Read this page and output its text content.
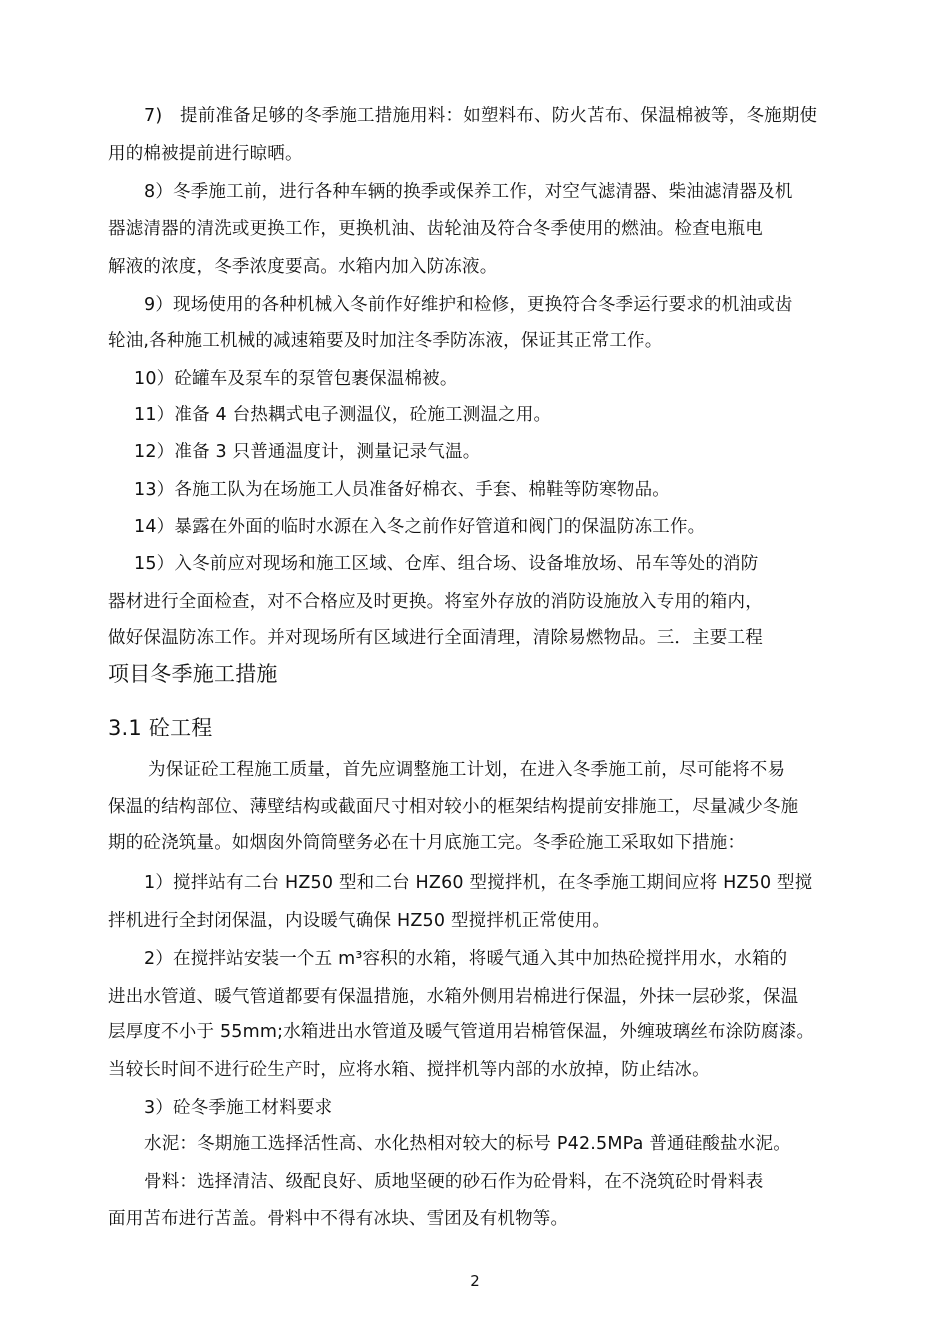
7)　提前准备足够的冬季施工措施用料：如塑料布、防火苫布、保温棉被等，冬施期使
用的棉被提前进行晾晒。
8）冬季施工前，进行各种车辆的换季或保养工作，对空气滤清器、柴油滤清器及机
器滤清器的清洗或更换工作，更换机油、齿轮油及符合冬季使用的燃油。检查电瓶电
解液的浓度，冬季浓度要高。水箱内加入防冻液。
9）现场使用的各种机械入冬前作好维护和检修，更换符合冬季运行要求的机油或齿
轮油,各种施工机械的减速箱要及时加注冬季防冻液，保证其正常工作。
10）砼罐车及泵车的泵管包裹保温棉被。
11）准备 4 台热耦式电子测温仪，砼施工测温之用。
12）准备 3 只普通温度计，测量记录气温。
13）各施工队为在场施工人员准备好棉衣、手套、棉鞋等防寒物品。
14）暴露在外面的临时水源在入冬之前作好管道和阀门的保温防冻工作。
15）入冬前应对现场和施工区域、仓库、组合场、设备堆放场、吊车等处的消防
器材进行全面检查，对不合格应及时更换。将室外存放的消防设施放入专用的箱内，
做好保温防冻工作。并对现场所有区域进行全面清理，清除易燃物品。三．主要工程
项目冬季施工措施
3.1 砼工程
为保证砼工程施工质量，首先应调整施工计划，在进入冬季施工前，尽可能将不易
保温的结构部位、薄壁结构或截面尺寸相对较小的框架结构提前安排施工，尽量减少冬施
期的砼浇筑量。如烟囱外筒筒壁务必在十月底施工完。冬季砼施工采取如下措施：
1）搅拌站有二台 HZ50 型和二台 HZ60 型搅拌机，在冬季施工期间应将 HZ50 型搅
拌机进行全封闭保温，内设暖气确保 HZ50 型搅拌机正常使用。
2）在搅拌站安装一个五 m³容积的水箱，将暖气通入其中加热砼搅拌用水，水箱的
进出水管道、暖气管道都要有保温措施，水箱外侧用岩棉进行保温，外抹一层砂浆，保温
层厚度不小于 55mm;水箱进出水管道及暖气管道用岩棉管保温，外缠玻璃丝布涂防腐漆。
当较长时间不进行砼生产时，应将水箱、搅拌机等内部的水放掉，防止结冰。
3）砼冬季施工材料要求
水泥：冬期施工选择活性高、水化热相对较大的标号 P42.5MPa 普通硅酸盐水泥。
骨料：选择清洁、级配良好、质地坚硬的砂石作为砼骨料，在不浇筑砼时骨料表
面用苫布进行苫盖。骨料中不得有冰块、雪团及有机物等。
2
